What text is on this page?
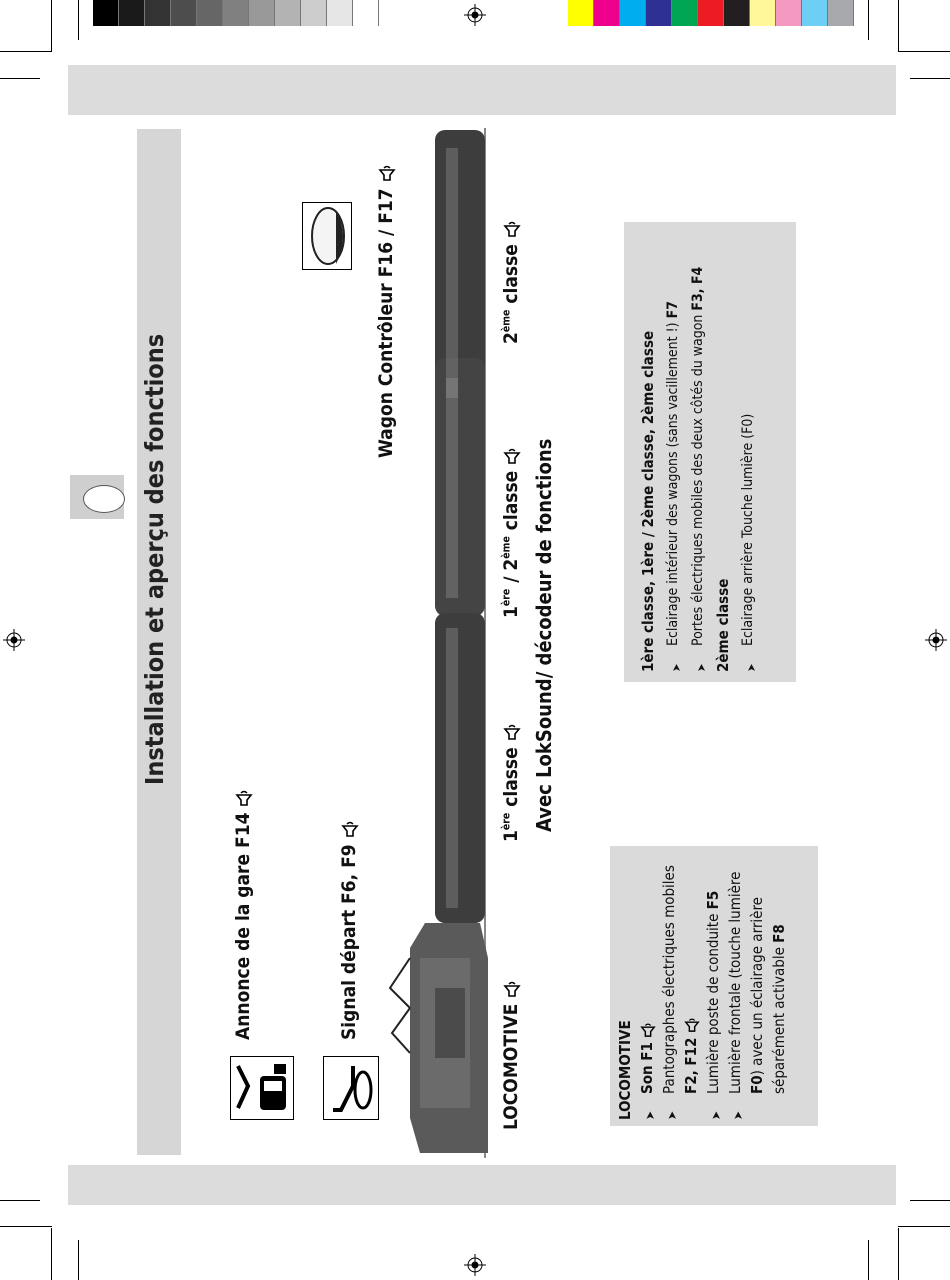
Installation et aperçu des fonctions
Annonce de la gare F14	Signal départ F6, F9
Wagon Contrôleur F16 / F17
LOCOMOTIVE
1ère classe
1ère / 2ème classe
2ème classe
Avec LokSound/ décodeur de fonctions
LOCOMOTIVE ➤ Son F1 ➤ Pantographes électriques mobiles F2, F12 ➤ Lumière poste de conduite F5 ➤ Lumière frontale (touche lumière F0) avec un éclairage arrière séparément activable F8
1ère classe, 1ère / 2ème classe, 2ème classe ➤ Eclairage intérieur des wagons (sans vacillement !) F7
➤ Portes électriques mobiles des deux côtés du wagon F3, F4
2ème classe ➤ Eclairage arrière Touche lumière (F0)
